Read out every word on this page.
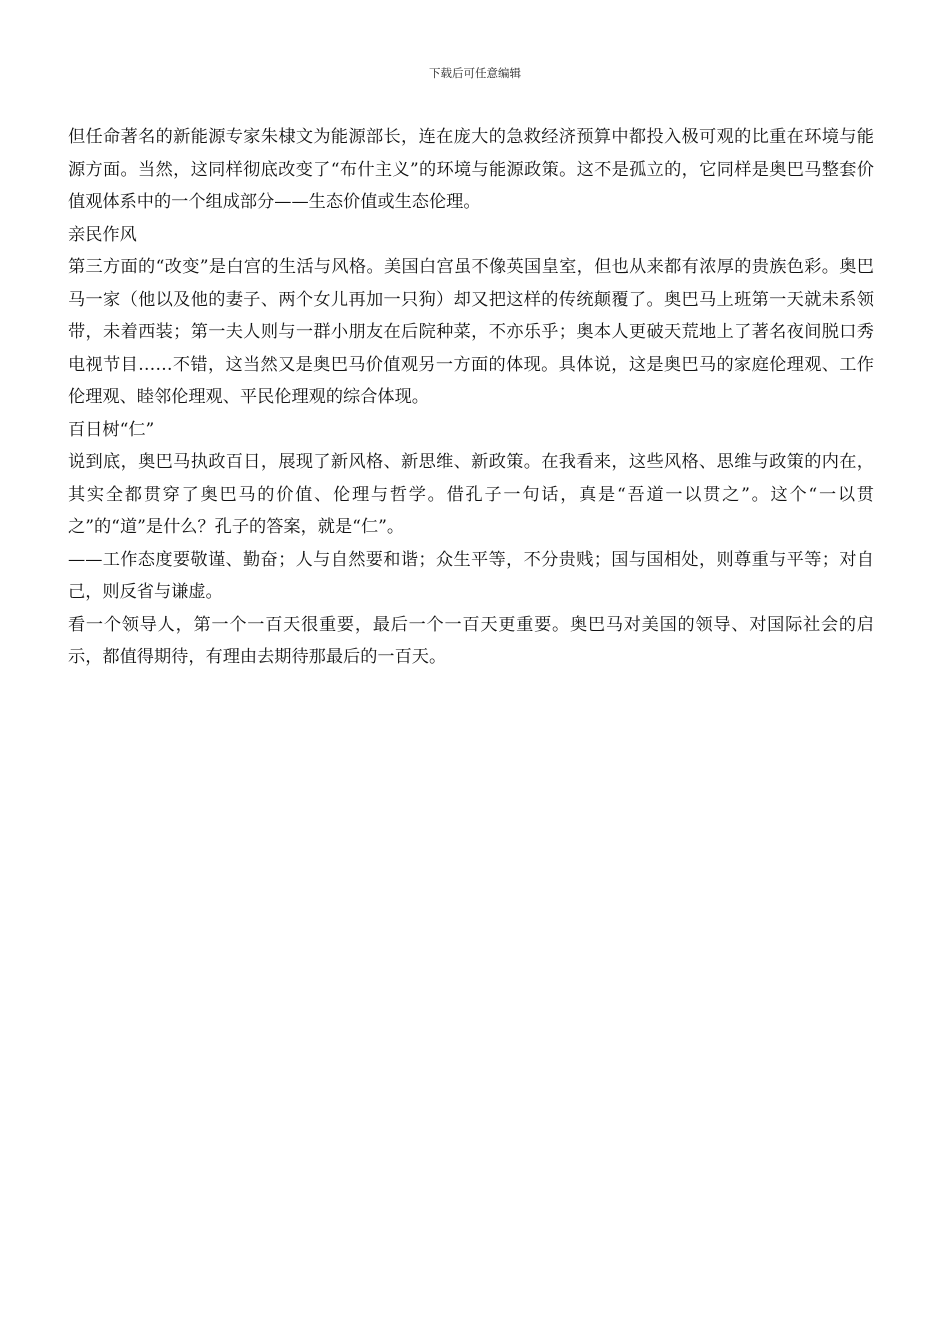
下载后可任意编辑

但任命著名的新能源专家朱棣文为能源部长，连在庞大的急救经济预算中都投入极可观的比重在环境与能源方面。当然，这同样彻底改变了“布什主义”的环境与能源政策。这不是孤立的，它同样是奥巴马整套价值观体系中的一个组成部分——生态价值或生态伦理。

亲民作风

第三方面的“改变”是白宫的生活与风格。美国白宫虽不像英国皇室，但也从来都有浓厚的贵族色彩。奥巴马一家（他以及他的妻子、两个女儿再加一只狗）却又把这样的传统颠覆了。奥巴马上班第一天就未系领带，未着西装；第一夫人则与一群小朋友在后院种菜，不亦乐乎；奥本人更破天荒地上了著名夜间脱口秀电视节目……不错，这当然又是奥巴马价值观另一方面的体现。具体说，这是奥巴马的家庭伦理观、工作伦理观、睦邻伦理观、平民伦理观的综合体现。

百日树“仁”

说到底，奥巴马执政百日，展现了新风格、新思维、新政策。在我看来，这些风格、思维与政策的内在，其实全都贯穿了奥巴马的价值、伦理与哲学。借孔子一句话，真是“吾道一以贯之”。这个“一以贯之”的“道”是什么？孔子的答案，就是“仁”。

——工作态度要敬谨、勤奋；人与自然要和谐；众生平等，不分贵贱；国与国相处，则尊重与平等；对自己，则反省与谦虚。

看一个领导人，第一个一百天很重要，最后一个一百天更重要。奥巴马对美国的领导、对国际社会的启示，都值得期待，有理由去期待那最后的一百天。
